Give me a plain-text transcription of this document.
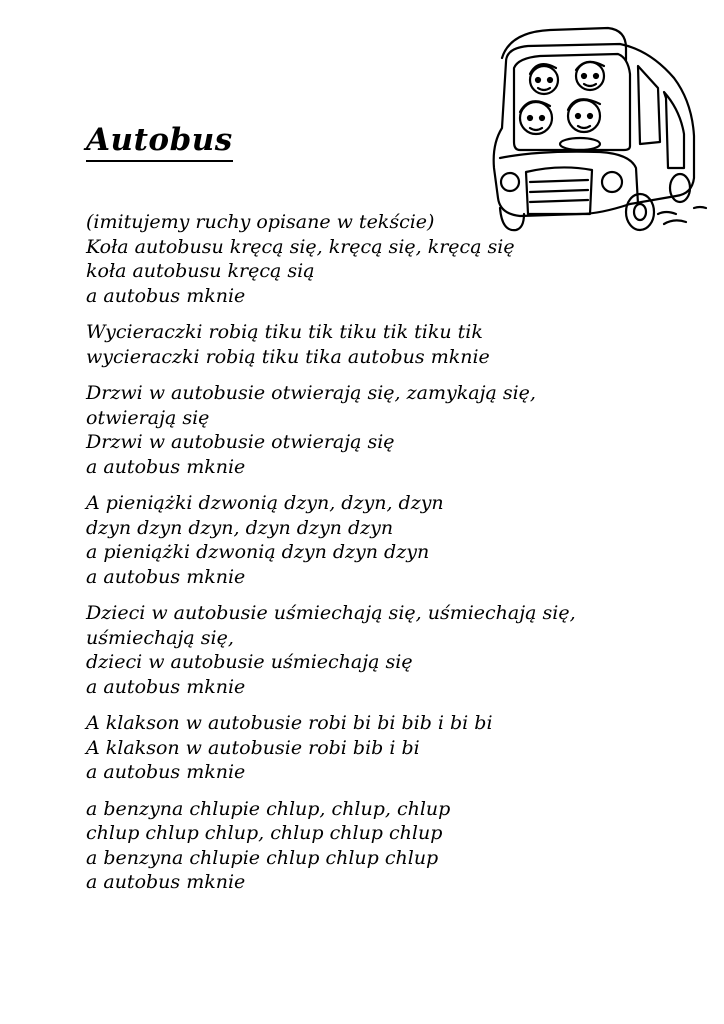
Autobus
(imitujemy ruchy opisane w tekście)
Koła autobusu kręcą się, kręcą się, kręcą się
koła autobusu kręcą sią
a autobus mknie
Wycieraczki robią tiku tik tiku tik tiku tik
wycieraczki robią tiku tika autobus mknie
Drzwi w autobusie otwierają się, zamykają się,
otwierają się
Drzwi w autobusie otwierają się
a autobus mknie
A pieniążki dzwonią dzyn, dzyn, dzyn
dzyn dzyn dzyn, dzyn dzyn dzyn
a pieniążki dzwonią dzyn dzyn dzyn
a autobus mknie
Dzieci w autobusie uśmiechają się, uśmiechają się,
uśmiechają się,
dzieci w autobusie uśmiechają się
a autobus mknie
A klakson w autobusie robi bi bi bib i bi bi
A klakson w autobusie robi bib i bi
a autobus mknie
a benzyna chlupie chlup, chlup, chlup
chlup chlup chlup, chlup chlup chlup
a benzyna chlupie chlup chlup chlup
a autobus mknie
